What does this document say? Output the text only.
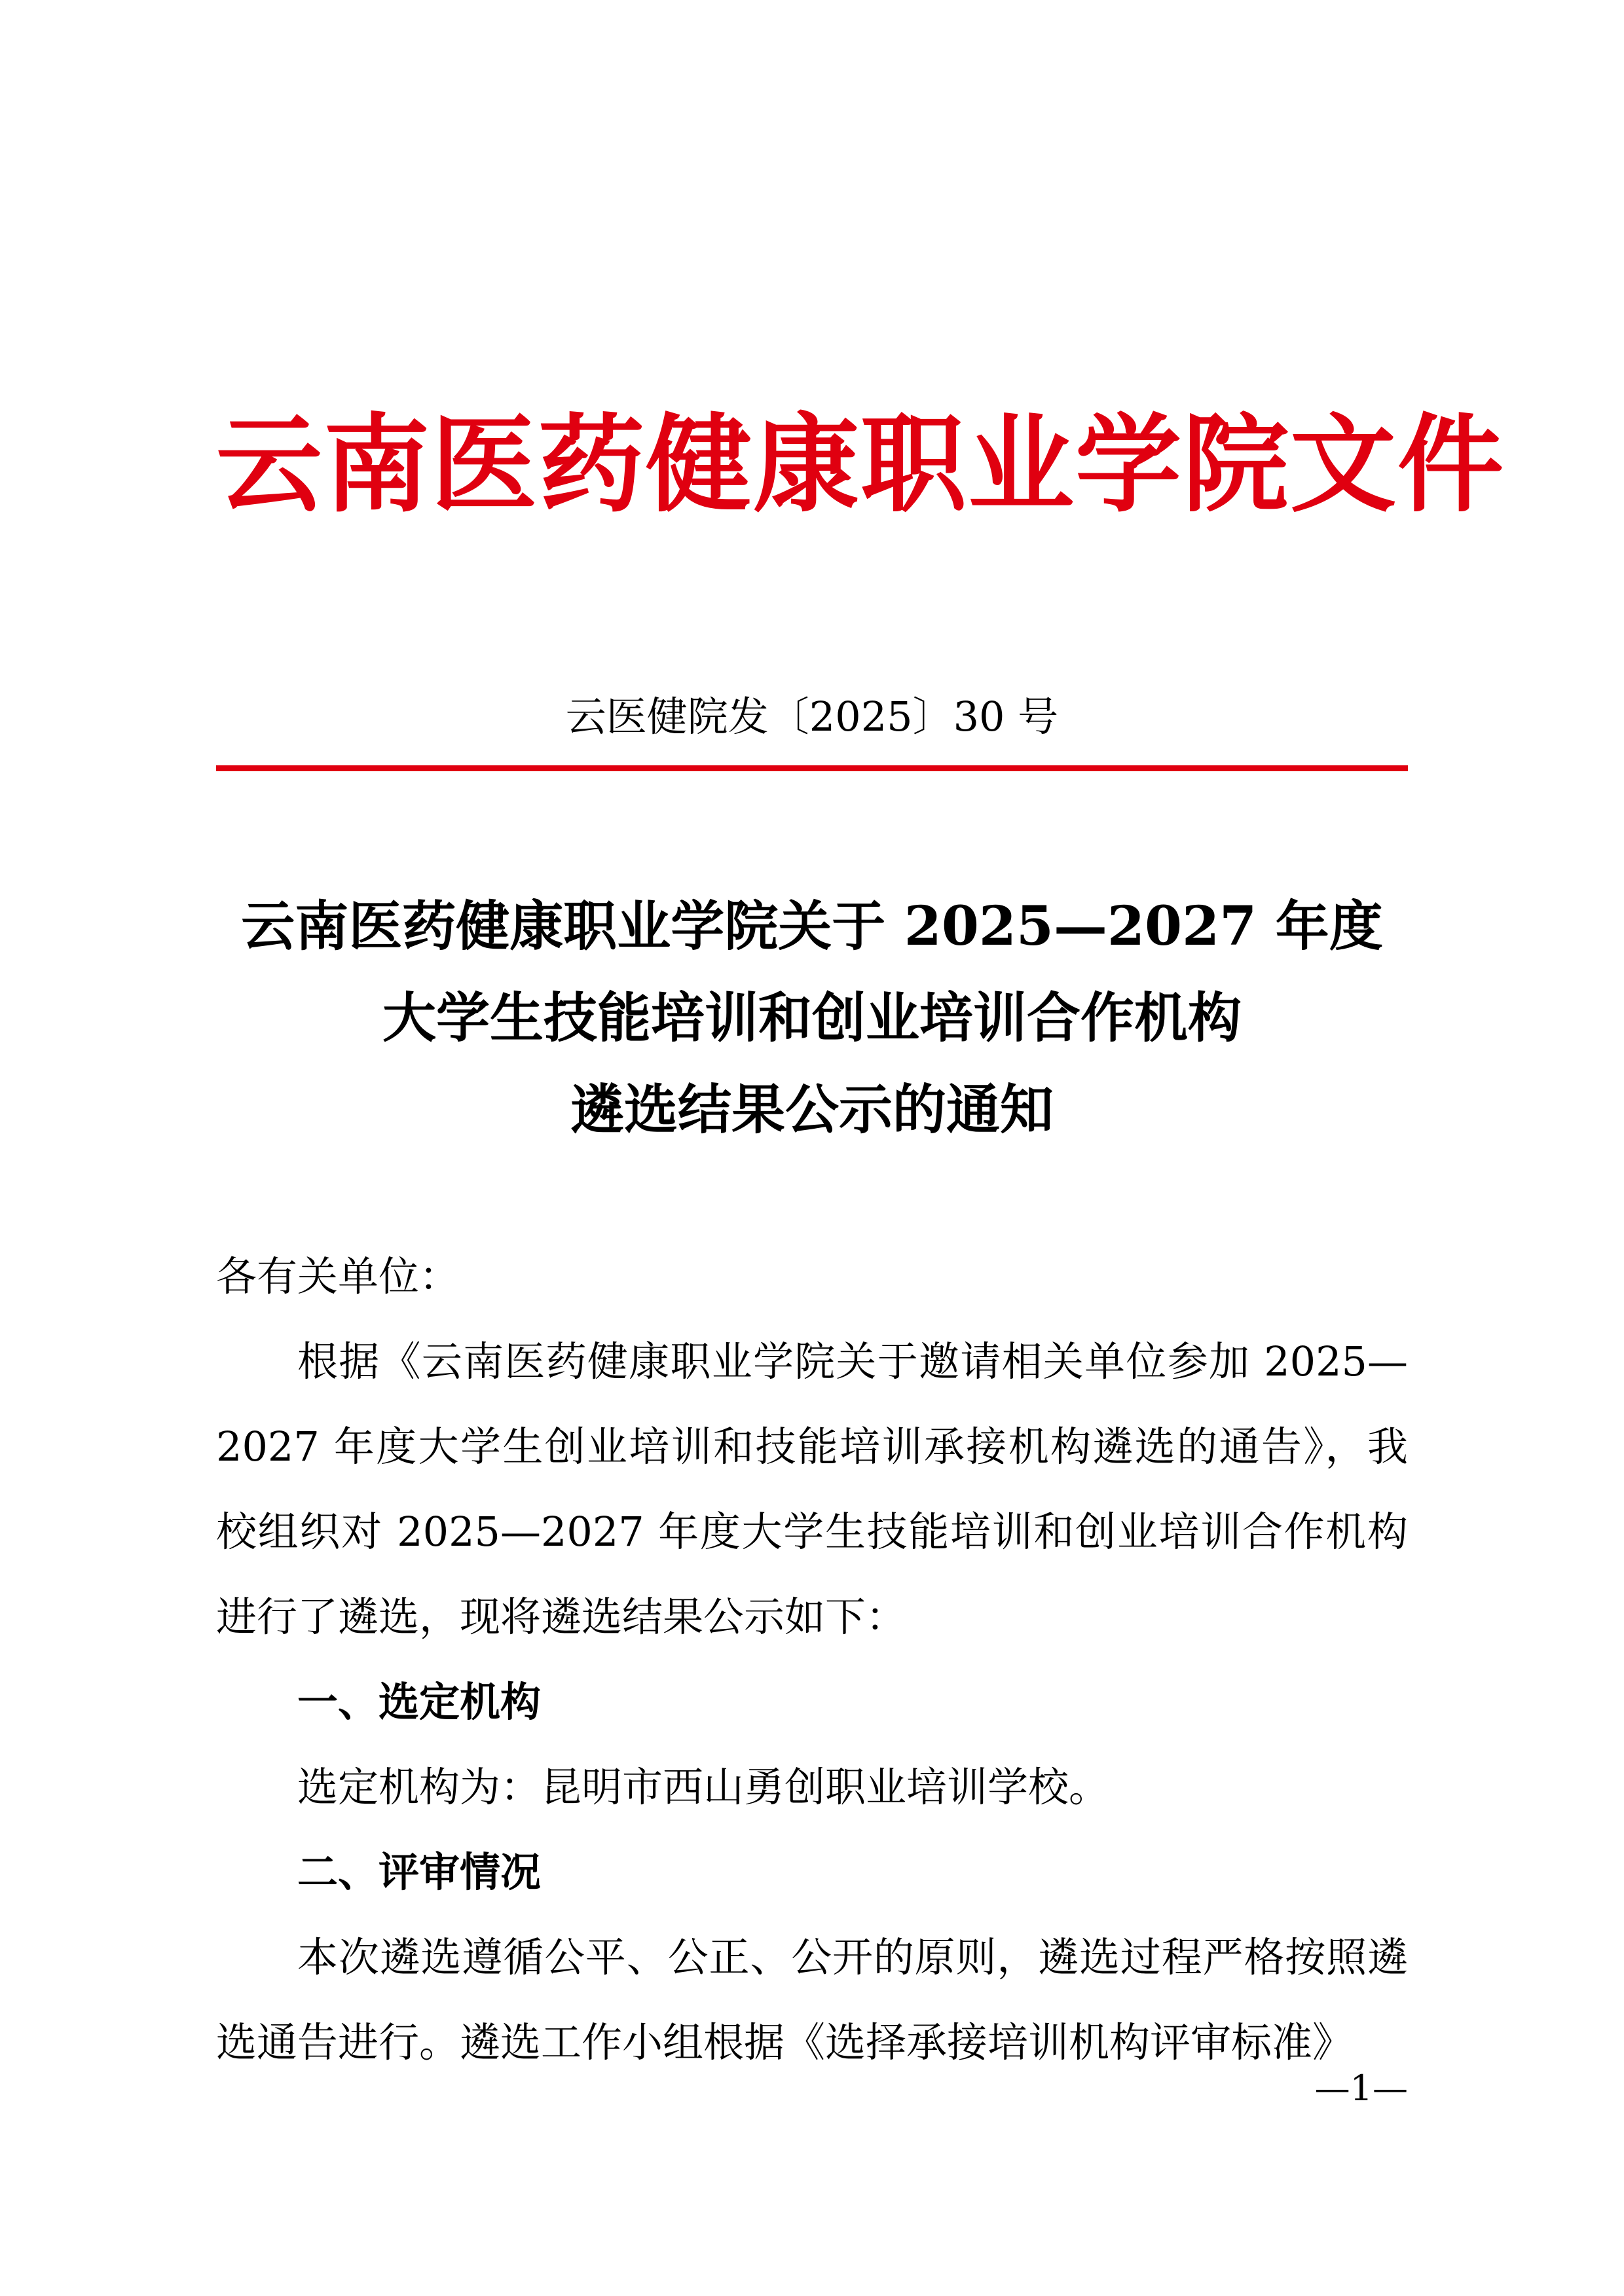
云南医药健康职业学院文件
云医健院发〔2025〕30 号
云南医药健康职业学院关于 2025—2027 年度
大学生技能培训和创业培训合作机构
遴选结果公示的通知
各有关单位：

根据《云南医药健康职业学院关于邀请相关单位参加 2025—2027 年度大学生创业培训和技能培训承接机构遴选的通告》，我校组织对 2025—2027 年度大学生技能培训和创业培训合作机构进行了遴选，现将遴选结果公示如下：

一、选定机构

选定机构为：昆明市西山勇创职业培训学校。

二、评审情况

本次遴选遵循公平、公正、公开的原则，遴选过程严格按照遴选通告进行。遴选工作小组根据《选择承接培训机构评审标准》

—1—
